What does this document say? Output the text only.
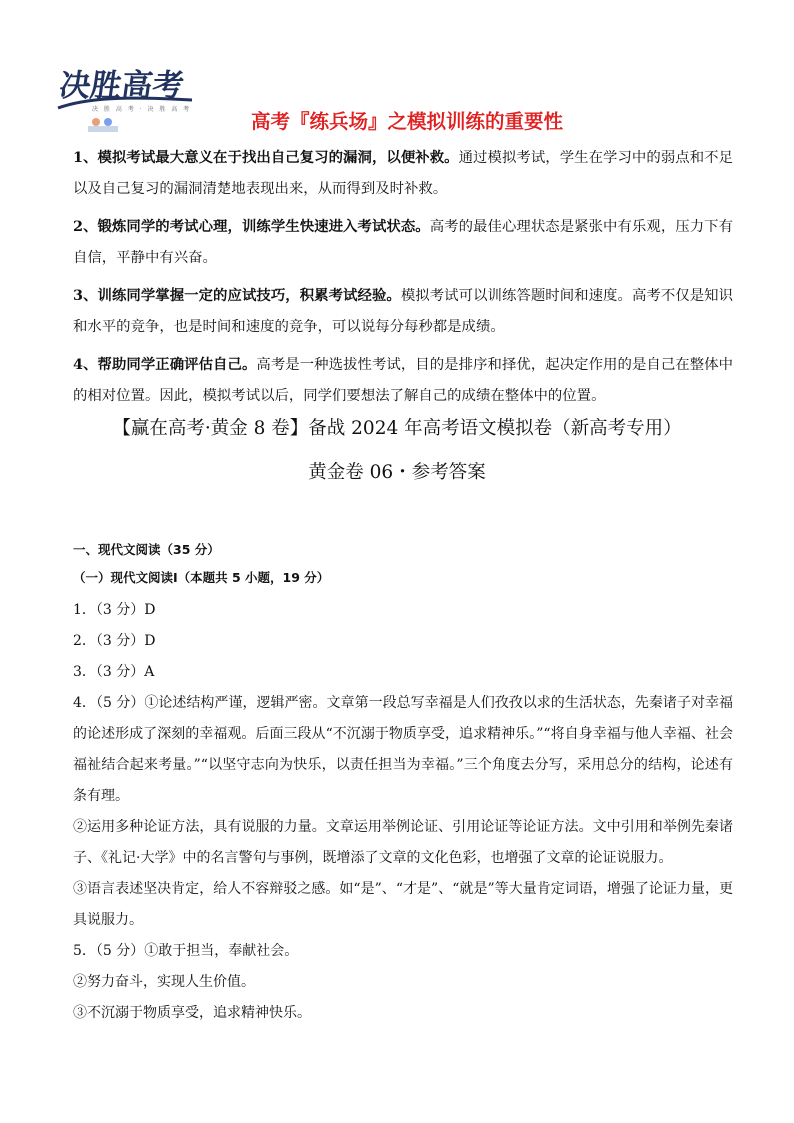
决胜高考
决 胜 高 考 · 决 胜 高 考
高考『练兵场』之模拟训练的重要性

1、模拟考试最大意义在于找出自己复习的漏洞，以便补救。通过模拟考试，学生在学习中的弱点和不足以及自己复习的漏洞清楚地表现出来，从而得到及时补救。

2、锻炼同学的考试心理，训练学生快速进入考试状态。高考的最佳心理状态是紧张中有乐观，压力下有自信，平静中有兴奋。

3、训练同学掌握一定的应试技巧，积累考试经验。模拟考试可以训练答题时间和速度。高考不仅是知识和水平的竞争，也是时间和速度的竞争，可以说每分每秒都是成绩。

4、帮助同学正确评估自己。高考是一种选拔性考试，目的是排序和择优，起决定作用的是自己在整体中的相对位置。因此，模拟考试以后，同学们要想法了解自己的成绩在整体中的位置。

【赢在高考·黄金 8 卷】备战 2024 年高考语文模拟卷（新高考专用）
黄金卷 06・参考答案
一、现代文阅读（35 分）
（一）现代文阅读Ⅰ（本题共 5 小题，19 分）

1．（3 分）D

2．（3 分）D

3．（3 分）A

4．（5 分）①论述结构严谨，逻辑严密。文章第一段总写幸福是人们孜孜以求的生活状态，先秦诸子对幸福的论述形成了深刻的幸福观。后面三段从“不沉溺于物质享受，追求精神乐。”“将自身幸福与他人幸福、社会福祉结合起来考量。”“以坚守志向为快乐，以责任担当为幸福。”三个角度去分写，采用总分的结构，论述有条有理。

②运用多种论证方法，具有说服的力量。文章运用举例论证、引用论证等论证方法。文中引用和举例先秦诸子、《礼记·大学》中的名言警句与事例，既增添了文章的文化色彩，也增强了文章的论证说服力。

③语言表述坚决肯定，给人不容辩驳之感。如“是”、“才是”、“就是”等大量肯定词语，增强了论证力量，更具说服力。

5．（5 分）①敢于担当，奉献社会。

②努力奋斗，实现人生价值。

③不沉溺于物质享受，追求精神快乐。
